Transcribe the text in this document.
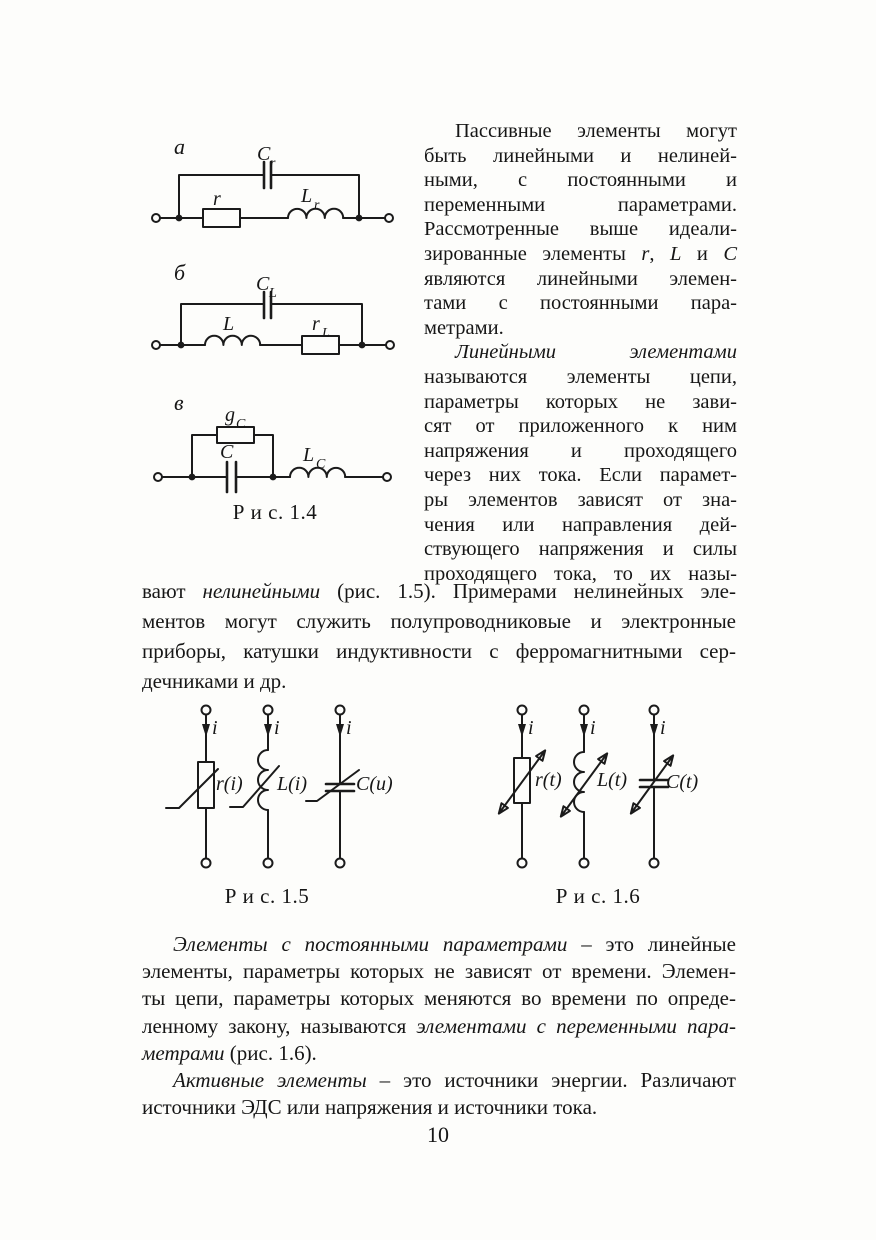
а	C r
r	L r
б	C L
L	r L
в
C
g C
L C
Р и с. 1.4
i
r(i)
i
L(i)
i
C(u)
Р и с. 1.5
i
r(t)
i
L(t)
i
C(t)
Р и с. 1.6
Пассивные элементы могут
быть линейными и нелиней-
ными, с постоянными и
переменными параметрами.
Рассмотренные выше идеали-
зированные элементы r, L и C
являются линейными элемен-
тами с постоянными пара-
метрами.
Линейными элементами
называются элементы цепи,
параметры которых не зави-
сят от приложенного к ним
напряжения и проходящего
через них тока. Если парамет-
ры элементов зависят от зна-
чения или направления дей-
ствующего напряжения и силы
проходящего тока, то их назы-
вают нелинейными (рис. 1.5). Примерами нелинейных эле-
ментов могут служить полупроводниковые и электронные
приборы, катушки индуктивности с ферромагнитными сер-
дечниками и др.
Элементы с постоянными параметрами – это линейные
элементы, параметры которых не зависят от времени. Элемен-
ты цепи, параметры которых меняются во времени по опреде-
ленному закону, называются элементами с переменными пара-
метрами (рис. 1.6).
Активные элементы – это источники энергии. Различают
источники ЭДС или напряжения и источники тока.
10
